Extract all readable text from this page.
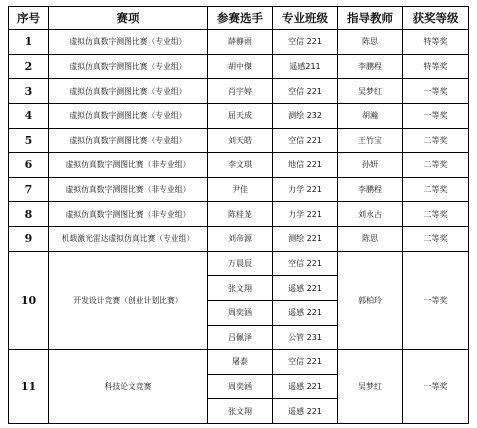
序号	赛项	参赛选手	专业班级	指导教师	获奖等级
1	虚拟仿真数字测图比赛（专业组）	薛静雨	空信 221	陈思	特等奖
2	虚拟仿真数字测图比赛（专业组）	胡中傑	遥感211	李鹏程	特等奖
3	虚拟仿真数字测图比赛（专业组）	肖宇婷	空信 221	吴梦红	一等奖
4	虚拟仿真数字测图比赛（专业组）	屈天成	测绘 232	胡瀚	一等奖
5	虚拟仿真数字测图比赛（专业组）	刘天皓	空信 221	王竹宝	二等奖
6	虚拟仿真数字测图比赛（非专业组）	李文琪	地信 221	孙妍	二等奖
7	虚拟仿真数字测图比赛（非专业组）	尹佳	力学 221	李鹏程	二等奖
8	虚拟仿真数字测图比赛（非专业组）	陈桂茏	力学 221	刘永古	二等奖
9	机载激光雷达虚拟仿真比赛（专业组）	刘帝源	测绘 221	陈思	二等奖
10	开发设计竞赛（创业计划比赛）	万晨辰	空信 221	郭柏玲	一等奖
		张文翔	遥感 221		
		周奕涵	遥感 221		
		吕佩泽	公管 231		
11	科技论文竞赛	屠泰	空信 221	吴梦红	一等奖
		周奕涵	遥感 221		
		张文翔	遥感 221		
